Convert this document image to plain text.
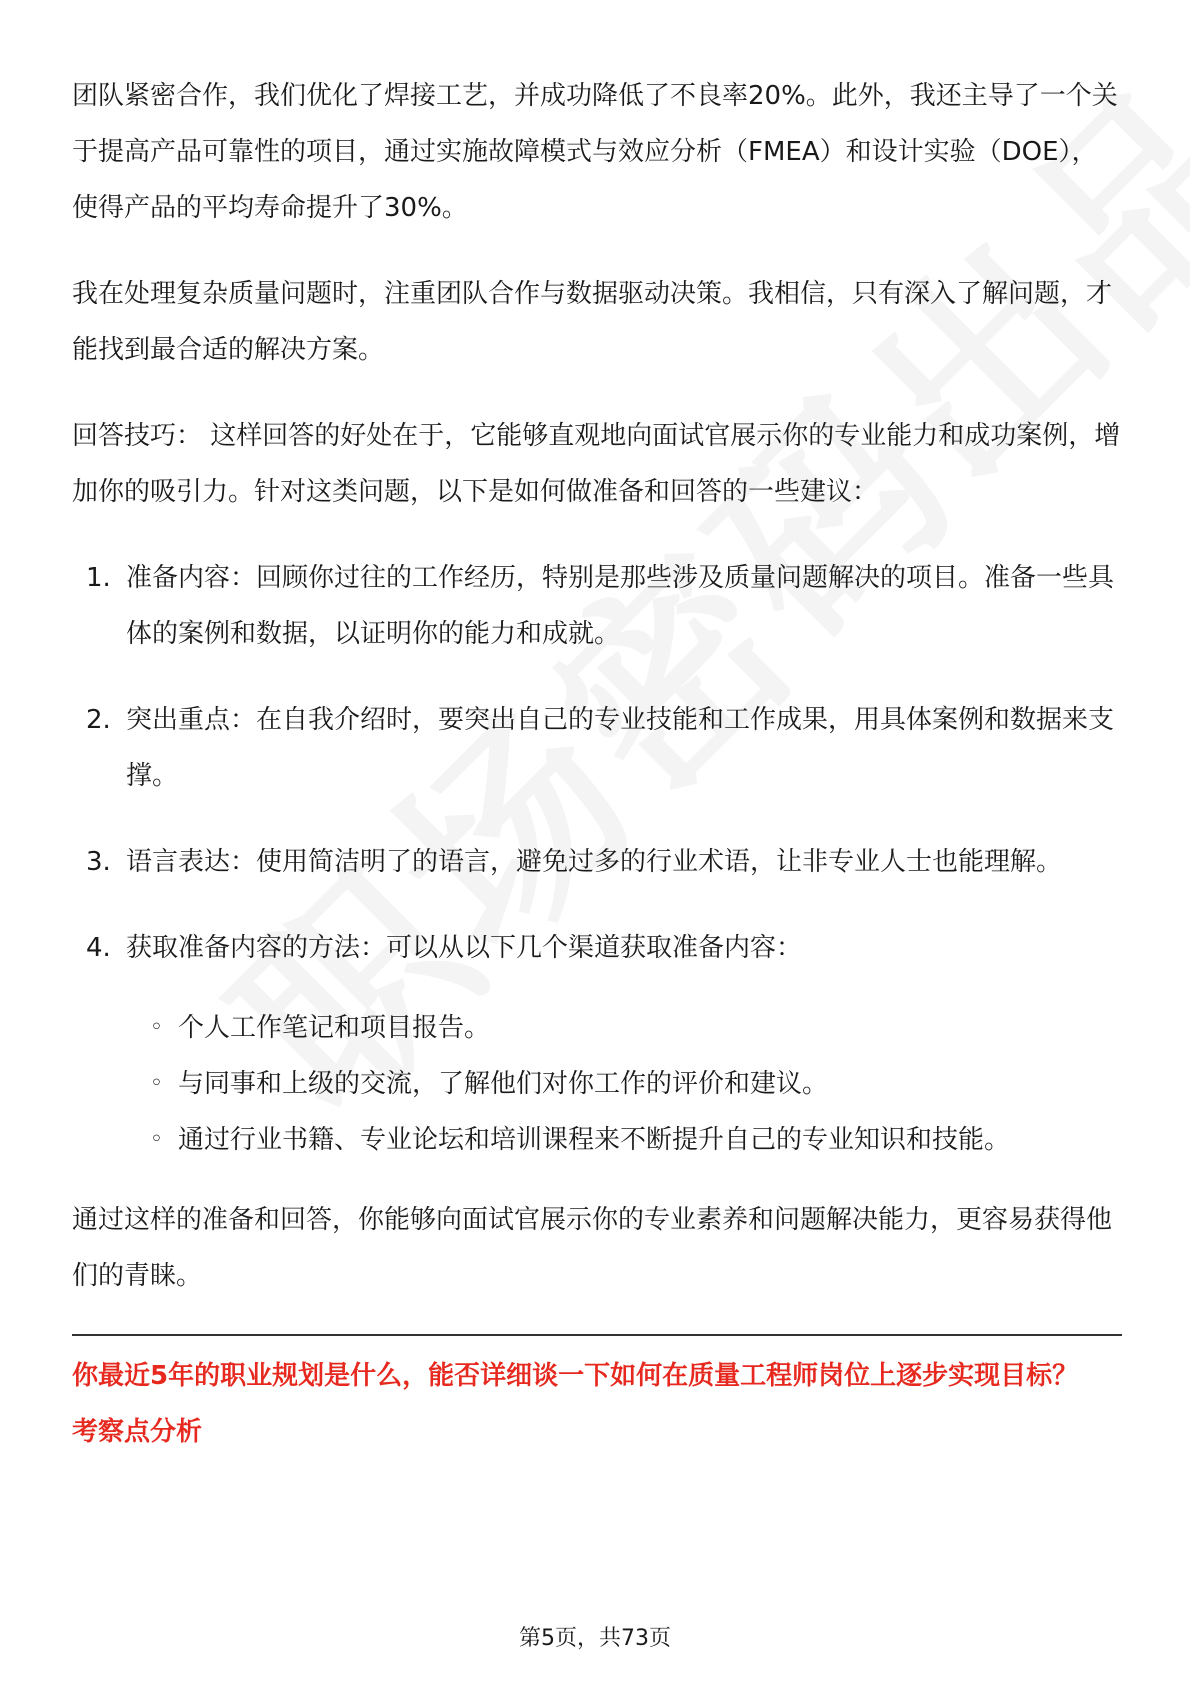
团队紧密合作，我们优化了焊接工艺，并成功降低了不良率20%。此外，我还主导了一个关于提高产品可靠性的项目，通过实施故障模式与效应分析（FMEA）和设计实验（DOE），使得产品的平均寿命提升了30%。

我在处理复杂质量问题时，注重团队合作与数据驱动决策。我相信，只有深入了解问题，才能找到最合适的解决方案。

回答技巧： 这样回答的好处在于，它能够直观地向面试官展示你的专业能力和成功案例，增加你的吸引力。针对这类问题，以下是如何做准备和回答的一些建议：

1. 准备内容：回顾你过往的工作经历，特别是那些涉及质量问题解决的项目。准备一些具体的案例和数据，以证明你的能力和成就。

2. 突出重点：在自我介绍时，要突出自己的专业技能和工作成果，用具体案例和数据来支撑。

3. 语言表达：使用简洁明了的语言，避免过多的行业术语，让非专业人士也能理解。

4. 获取准备内容的方法：可以从以下几个渠道获取准备内容：

◦ 个人工作笔记和项目报告。
◦ 与同事和上级的交流，了解他们对你工作的评价和建议。
◦ 通过行业书籍、专业论坛和培训课程来不断提升自己的专业知识和技能。

通过这样的准备和回答，你能够向面试官展示你的专业素养和问题解决能力，更容易获得他们的青睐。

你最近5年的职业规划是什么，能否详细谈一下如何在质量工程师岗位上逐步实现目标？
考察点分析
第5页，共73页
